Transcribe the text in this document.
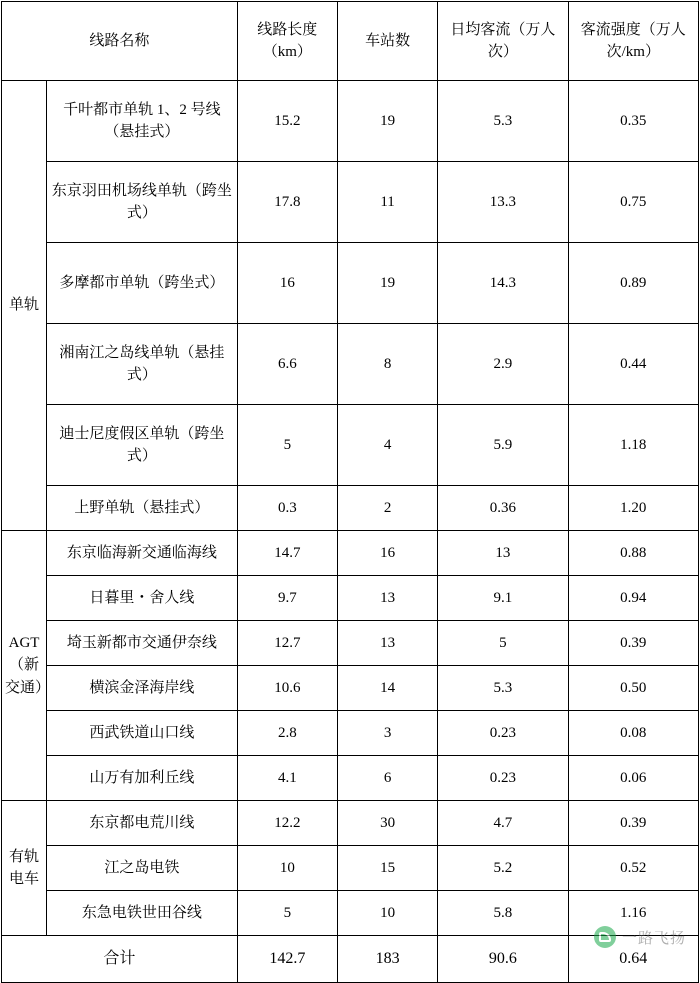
线路名称		线路长度（km）	车站数	日均客流（万人次）	客流强度（万人次/km）
单轨	千叶都市单轨 1、2 号线（悬挂式）	15.2	19	5.3	0.35
	东京羽田机场线单轨（跨坐式）	17.8	11	13.3	0.75
	多摩都市单轨（跨坐式）	16	19	14.3	0.89
	湘南江之岛线单轨（悬挂式）	6.6	8	2.9	0.44
	迪士尼度假区单轨（跨坐式）	5	4	5.9	1.18
	上野单轨（悬挂式）	0.3	2	0.36	1.20
AGT（新交通）	东京临海新交通临海线	14.7	16	13	0.88
	日暮里・舍人线	9.7	13	9.1	0.94
	埼玉新都市交通伊奈线	12.7	13	5	0.39
	横滨金泽海岸线	10.6	14	5.3	0.50
	西武铁道山口线	2.8	3	0.23	0.08
	山万有加利丘线	4.1	6	0.23	0.06
有轨电车	东京都电荒川线	12.2	30	4.7	0.39
	江之岛电铁	10	15	5.2	0.52
	东急电铁世田谷线	5	10	5.8	1.16
合计		142.7	183	90.6	0.64
一路飞扬
